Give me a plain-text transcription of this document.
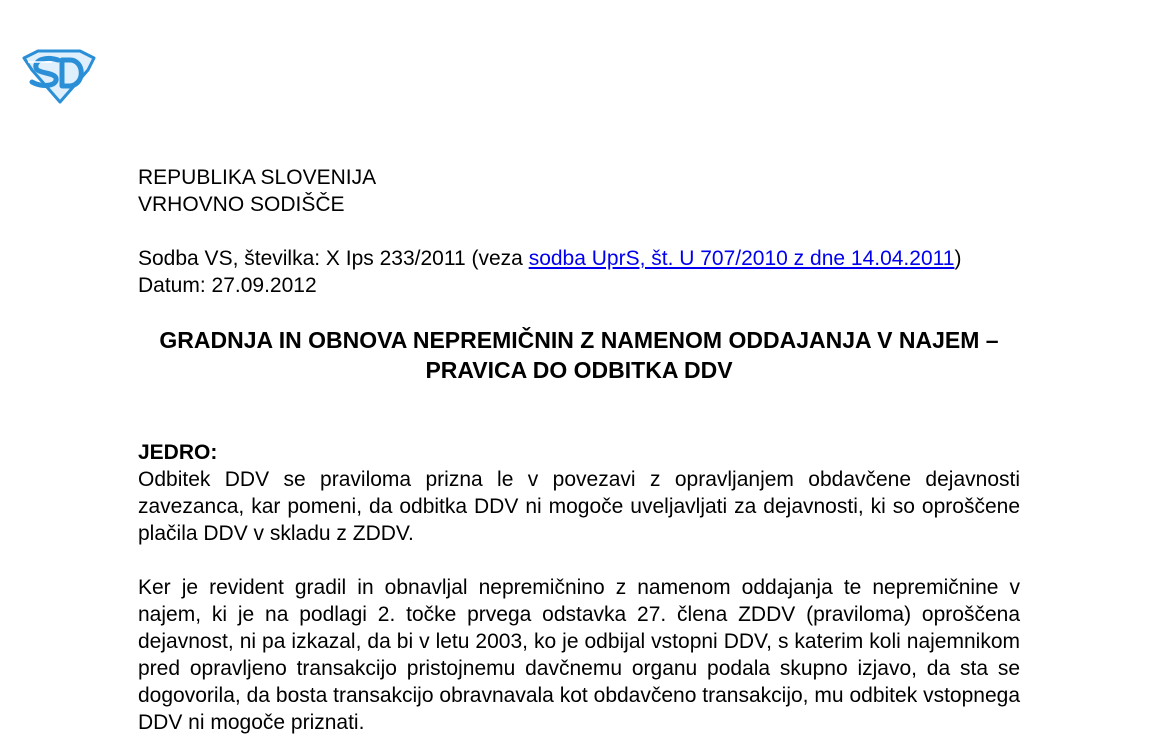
REPUBLIKA SLOVENIJA
VRHOVNO SODIŠČE
Sodba VS, številka: X Ips 233/2011 (veza sodba UprS, št. U 707/2010 z dne 14.04.2011)
Datum: 27.09.2012
GRADNJA IN OBNOVA NEPREMIČNIN Z NAMENOM ODDAJANJA V NAJEM – PRAVICA DO ODBITKA DDV
JEDRO:
Odbitek DDV se praviloma prizna le v povezavi z opravljanjem obdavčene dejavnosti zavezanca, kar pomeni, da odbitka DDV ni mogoče uveljavljati za dejavnosti, ki so oproščene plačila DDV v skladu z ZDDV.
Ker je revident gradil in obnavljal nepremičnino z namenom oddajanja te nepremičnine v najem, ki je na podlagi 2. točke prvega odstavka 27. člena ZDDV (praviloma) oproščena dejavnost, ni pa izkazal, da bi v letu 2003, ko je odbijal vstopni DDV, s katerim koli najemnikom pred opravljeno transakcijo pristojnemu davčnemu organu podala skupno izjavo, da sta se dogovorila, da bosta transakcijo obravnavala kot obdavčeno transakcijo, mu odbitek vstopnega DDV ni mogoče priznati.
